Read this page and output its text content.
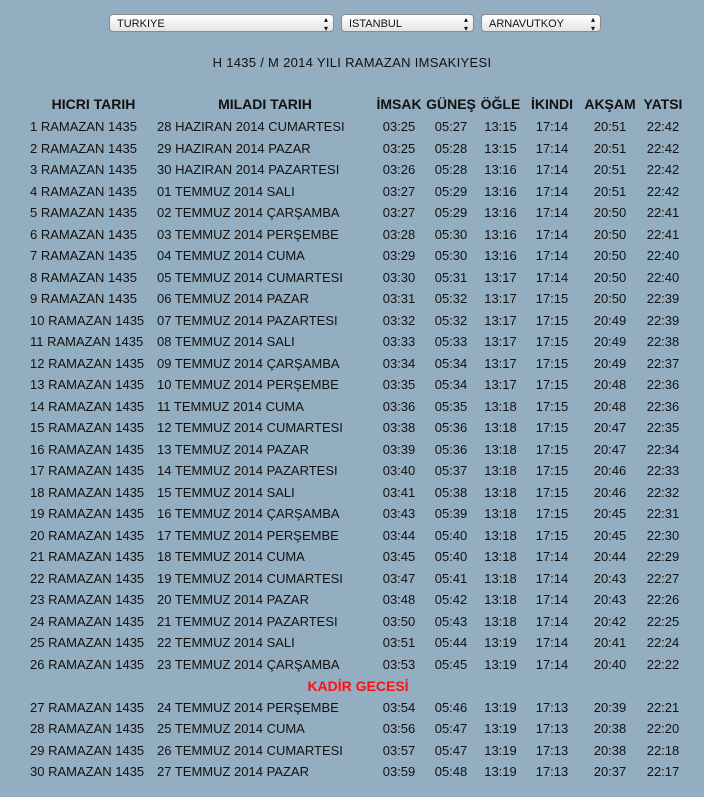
TURKIYE	▴
▾	ISTANBUL	▴
▾	ARNAVUTKOY	▴
▾
H 1435 / M 2014 YILI RAMAZAN IMSAKIYESI
HICRI TARIH	MILADI TARIH	İMSAK	GÜNEŞ	ÖĞLE	İKINDI	AKŞAM	YATSI
1 RAMAZAN 1435	28 HAZIRAN 2014 CUMARTESI	03:25	05:27	13:15	17:14	20:51	22:42
2 RAMAZAN 1435	29 HAZIRAN 2014 PAZAR	03:25	05:28	13:15	17:14	20:51	22:42
3 RAMAZAN 1435	30 HAZIRAN 2014 PAZARTESI	03:26	05:28	13:16	17:14	20:51	22:42
4 RAMAZAN 1435	01 TEMMUZ 2014 SALI	03:27	05:29	13:16	17:14	20:51	22:42
5 RAMAZAN 1435	02 TEMMUZ 2014 ÇARŞAMBA	03:27	05:29	13:16	17:14	20:50	22:41
6 RAMAZAN 1435	03 TEMMUZ 2014 PERŞEMBE	03:28	05:30	13:16	17:14	20:50	22:41
7 RAMAZAN 1435	04 TEMMUZ 2014 CUMA	03:29	05:30	13:16	17:14	20:50	22:40
8 RAMAZAN 1435	05 TEMMUZ 2014 CUMARTESI	03:30	05:31	13:17	17:14	20:50	22:40
9 RAMAZAN 1435	06 TEMMUZ 2014 PAZAR	03:31	05:32	13:17	17:15	20:50	22:39
10 RAMAZAN 1435	07 TEMMUZ 2014 PAZARTESI	03:32	05:32	13:17	17:15	20:49	22:39
11 RAMAZAN 1435	08 TEMMUZ 2014 SALI	03:33	05:33	13:17	17:15	20:49	22:38
12 RAMAZAN 1435	09 TEMMUZ 2014 ÇARŞAMBA	03:34	05:34	13:17	17:15	20:49	22:37
13 RAMAZAN 1435	10 TEMMUZ 2014 PERŞEMBE	03:35	05:34	13:17	17:15	20:48	22:36
14 RAMAZAN 1435	11 TEMMUZ 2014 CUMA	03:36	05:35	13:18	17:15	20:48	22:36
15 RAMAZAN 1435	12 TEMMUZ 2014 CUMARTESI	03:38	05:36	13:18	17:15	20:47	22:35
16 RAMAZAN 1435	13 TEMMUZ 2014 PAZAR	03:39	05:36	13:18	17:15	20:47	22:34
17 RAMAZAN 1435	14 TEMMUZ 2014 PAZARTESI	03:40	05:37	13:18	17:15	20:46	22:33
18 RAMAZAN 1435	15 TEMMUZ 2014 SALI	03:41	05:38	13:18	17:15	20:46	22:32
19 RAMAZAN 1435	16 TEMMUZ 2014 ÇARŞAMBA	03:43	05:39	13:18	17:15	20:45	22:31
20 RAMAZAN 1435	17 TEMMUZ 2014 PERŞEMBE	03:44	05:40	13:18	17:15	20:45	22:30
21 RAMAZAN 1435	18 TEMMUZ 2014 CUMA	03:45	05:40	13:18	17:14	20:44	22:29
22 RAMAZAN 1435	19 TEMMUZ 2014 CUMARTESI	03:47	05:41	13:18	17:14	20:43	22:27
23 RAMAZAN 1435	20 TEMMUZ 2014 PAZAR	03:48	05:42	13:18	17:14	20:43	22:26
24 RAMAZAN 1435	21 TEMMUZ 2014 PAZARTESI	03:50	05:43	13:18	17:14	20:42	22:25
25 RAMAZAN 1435	22 TEMMUZ 2014 SALI	03:51	05:44	13:19	17:14	20:41	22:24
26 RAMAZAN 1435	23 TEMMUZ 2014 ÇARŞAMBA	03:53	05:45	13:19	17:14	20:40	22:22
KADİR GECESİ							
27 RAMAZAN 1435	24 TEMMUZ 2014 PERŞEMBE	03:54	05:46	13:19	17:13	20:39	22:21
28 RAMAZAN 1435	25 TEMMUZ 2014 CUMA	03:56	05:47	13:19	17:13	20:38	22:20
29 RAMAZAN 1435	26 TEMMUZ 2014 CUMARTESI	03:57	05:47	13:19	17:13	20:38	22:18
30 RAMAZAN 1435	27 TEMMUZ 2014 PAZAR	03:59	05:48	13:19	17:13	20:37	22:17
